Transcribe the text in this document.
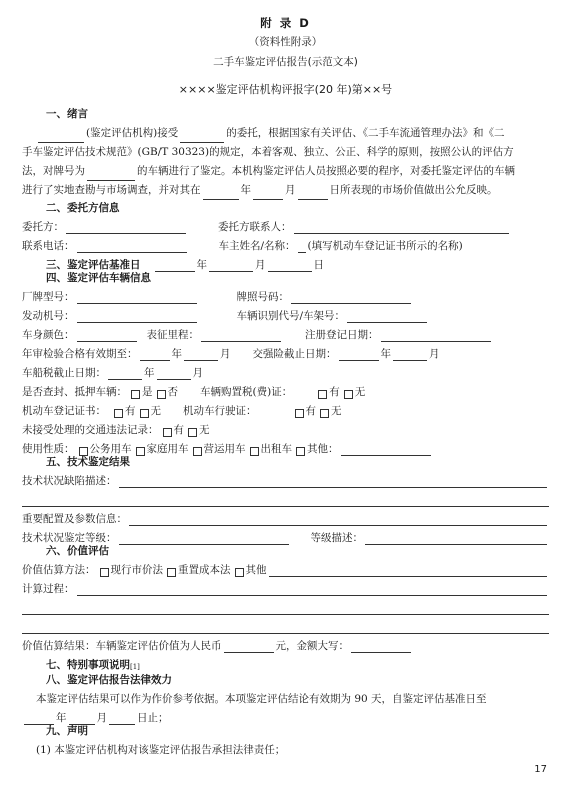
附 录 D
（资料性附录）
二手车鉴定评估报告(示范文本)
××××鉴定评估机构评报字(20 年)第××号
一、绪言
(鉴定评估机构)接受	的委托，根据国家有关评估、《二手车流通管理办法》和《二
手车鉴定评估技术规范》(GB/T 30323)的规定，本着客观、独立、公正、科学的原则，按照公认的评估方
法，对牌号为	的车辆进行了鉴定。本机构鉴定评估人员按照必要的程序，对委托鉴定评估的车辆
进行了实地查勘与市场调查，并对其在	年	月	日所表现的市场价值做出公允反映。
二、委托方信息
委托方：	委托方联系人：
联系电话：	车主姓名/名称： (填写机动车登记证书所示的名称)
三、鉴定评估基准日	年	月	日
四、鉴定评估车辆信息
厂牌型号：	牌照号码：
发动机号：	车辆识别代号/车架号：
车身颜色：	表征里程：	注册登记日期：
年审检验合格有效期至：	年	月 交强险截止日期：	年	月
车船税截止日期：	年	月
是否查封、抵押车辆： 是 否 车辆购置税(费)证：	有 无
机动车登记证书： 有 无 机动车行驶证：	有 无
未接受处理的交通违法记录： 有 无
使用性质： 公务用车 家庭用车 营运用车 出租车 其他：
五、技术鉴定结果
技术状况缺陷描述：
重要配置及参数信息：
技术状况鉴定等级：	等级描述：
六、价值评估
价值估算方法： 现行市价法 重置成本法 其他
计算过程：
价值估算结果：车辆鉴定评估价值为人民币	元，金额大写：
七、特别事项说明$_{[1]}$
八、鉴定评估报告法律效力
本鉴定评估结果可以作为作价参考依据。本项鉴定评估结论有效期为 90 天，自鉴定评估基准日至
年	月	日止；
九、声明
(1) 本鉴定评估机构对该鉴定评估报告承担法律责任；
17
